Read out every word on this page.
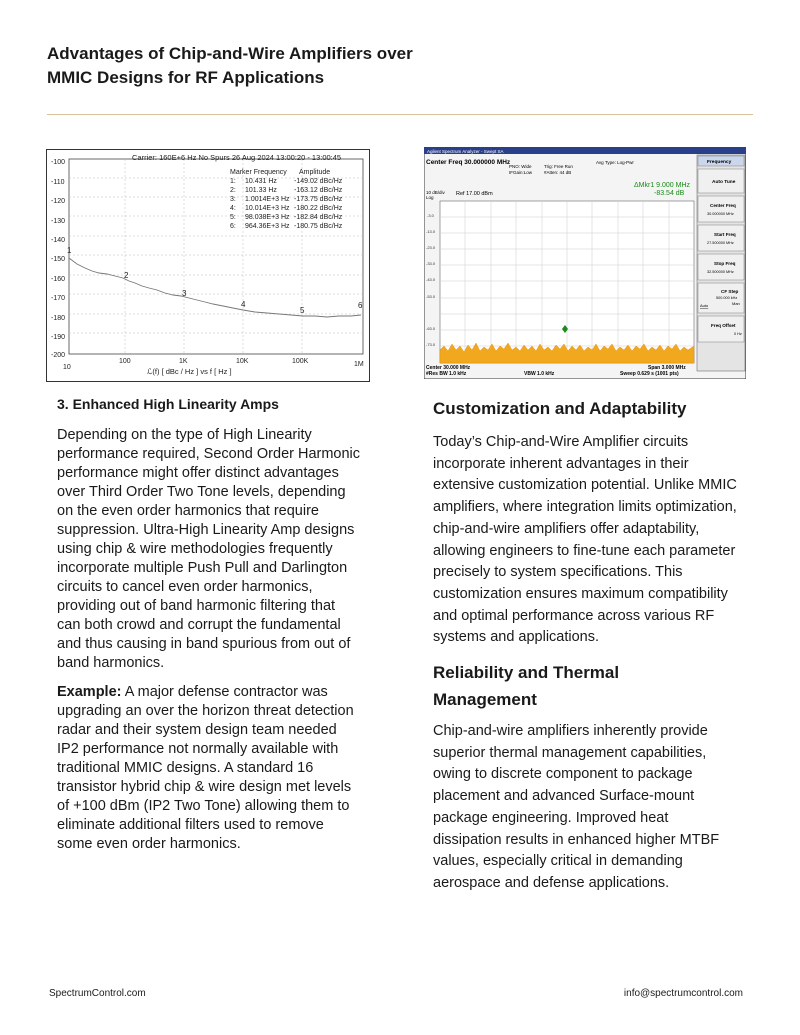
Advantages of Chip-and-Wire Amplifiers over
MMIC Designs for RF Applications
Carrier: 160E+6 Hz No Spurs 26 Aug 2024 13:00:20 - 13:00:45
-100
-110
-120
-130
-140
-150
-160
-170
-180
-190
-200
10
100	1K	10K	100K	1M
ℒ(f) [ dBc / Hz ] vs f [ Hz ]
Marker Frequency Amplitude
1: 10.431 Hz -149.02 dBc/Hz
2: 101.33 Hz -163.12 dBc/Hz
3: 1.0014E+3 Hz -173.75 dBc/Hz
4: 10.014E+3 Hz -180.22 dBc/Hz
5: 98.038E+3 Hz -182.84 dBc/Hz
6: 964.36E+3 Hz -180.75 dBc/Hz
1
2
3
4
5
6
Agilent Spectrum Analyzer - Swept SA
Center Freq 30.000000 MHz
PNO: Wide
IFGain:Low
Trig: Free Run
#Atten: 44 dB
Avg Type: Log-Pwr
ΔMkr1 9.000 MHz
-83.54 dB
10 dB/div
Log
Ref 17.00 dBm
-3.0
-13.0
-23.0
-33.0
-43.0
-53.0
-63.0
-73.0
Center 30.000 MHz
#Res BW 1.0 kHz	VBW 1.0 kHz
Span 3.000 MHz
Sweep 0.629 s (1001 pts)
Frequency
Auto Tune
Center Freq
30.000000 MHz
Start Freq
27.500000 MHz
Stop Freq
32.500000 MHz
CF Step
500.000 kHz
Auto	Man
Freq Offset
0 Hz
3. Enhanced High Linearity Amps

Depending on the type of High Linearity performance required, Second Order Harmonic performance might offer distinct advantages over Third Order Two Tone levels, depending on the even order harmonics that require suppression. Ultra-High Linearity Amp designs using chip & wire methodologies frequently incorporate multiple Push Pull and Darlington circuits to cancel even order harmonics, providing out of band harmonic filtering that can both crowd and corrupt the fundamental and thus causing in band spurious from out of band harmonics.

Example: A major defense contractor was upgrading an over the horizon threat detection radar and their system design team needed IP2 performance not normally available with traditional MMIC designs. A standard 16 transistor hybrid chip & wire design met levels of +100 dBm (IP2 Two Tone) allowing them to eliminate additional filters used to remove some even order harmonics.

Customization and Adaptability

Today’s Chip-and-Wire Amplifier circuits incorporate inherent advantages in their extensive customization potential. Unlike MMIC amplifiers, where integration limits optimization, chip-and-wire amplifiers offer adaptability, allowing engineers to fine-tune each parameter precisely to system specifications. This customization ensures maximum compatibility and optimal performance across various RF systems and applications.

Reliability and Thermal Management

Chip-and-wire amplifiers inherently provide superior thermal management capabilities, owing to discrete component to package placement and advanced Surface-mount package engineering. Improved heat dissipation results in enhanced higher MTBF values, especially critical in demanding aerospace and defense applications.

SpectrumControl.com	info@spectrumcontrol.com
